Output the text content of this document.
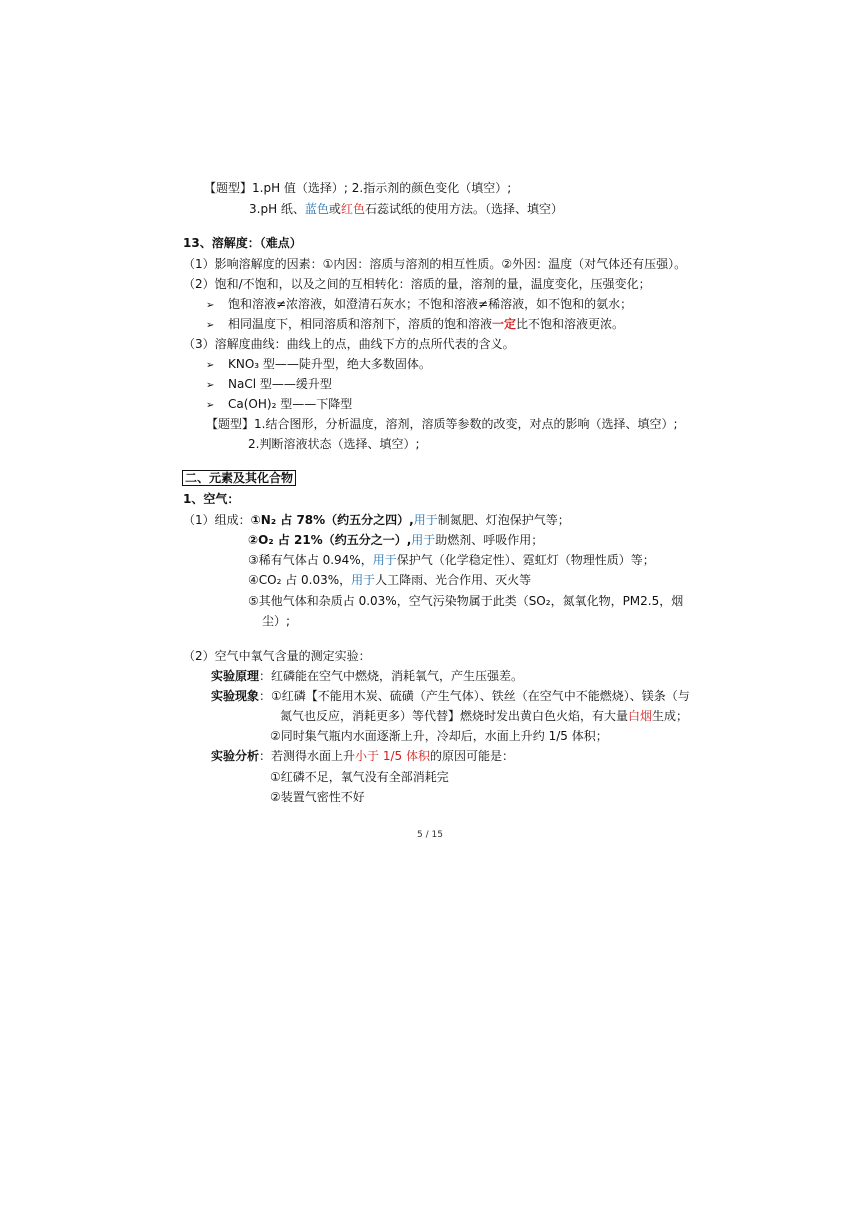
【题型】1.pH 值（选择）; 2.指示剂的颜色变化（填空）;
3.pH 纸、蓝色或红色石蕊试纸的使用方法。（选择、填空）
13、溶解度：（难点）
（1）影响溶解度的因素：①内因：溶质与溶剂的相互性质。②外因：温度（对气体还有压强）。
（2）饱和/不饱和，以及之间的互相转化：溶质的量，溶剂的量，温度变化，压强变化；
➢ 饱和溶液≠浓溶液，如澄清石灰水；不饱和溶液≠稀溶液，如不饱和的氨水；
➢ 相同温度下，相同溶质和溶剂下，溶质的饱和溶液一定比不饱和溶液更浓。
（3）溶解度曲线：曲线上的点，曲线下方的点所代表的含义。
➢ KNO₃ 型——陡升型，绝大多数固体。
➢ NaCl 型——缓升型
➢ Ca(OH)₂ 型——下降型
【题型】1.结合图形，分析温度，溶剂，溶质等参数的改变，对点的影响（选择、填空）;
2.判断溶液状态（选择、填空）;
二、元素及其化合物
1、空气：
（1）组成：①N₂ 占 78%（约五分之四）,用于制氮肥、灯泡保护气等；
②O₂ 占 21%（约五分之一）,用于助燃剂、呼吸作用；
③稀有气体占 0.94%，用于保护气（化学稳定性）、霓虹灯（物理性质）等；
④CO₂ 占 0.03%，用于人工降雨、光合作用、灭火等
⑤其他气体和杂质占 0.03%，空气污染物属于此类（SO₂，氮氧化物，PM2.5，烟
尘）;
（2）空气中氧气含量的测定实验：
实验原理：红磷能在空气中燃烧，消耗氧气，产生压强差。
实验现象：①红磷【不能用木炭、硫磺（产生气体）、铁丝（在空气中不能燃烧）、镁条（与
氮气也反应，消耗更多）等代替】燃烧时发出黄白色火焰，有大量白烟生成；
②同时集气瓶内水面逐渐上升，冷却后，水面上升约 1/5 体积；
实验分析：若测得水面上升小于 1/5 体积的原因可能是：
①红磷不足，氧气没有全部消耗完
②装置气密性不好
5 / 15
